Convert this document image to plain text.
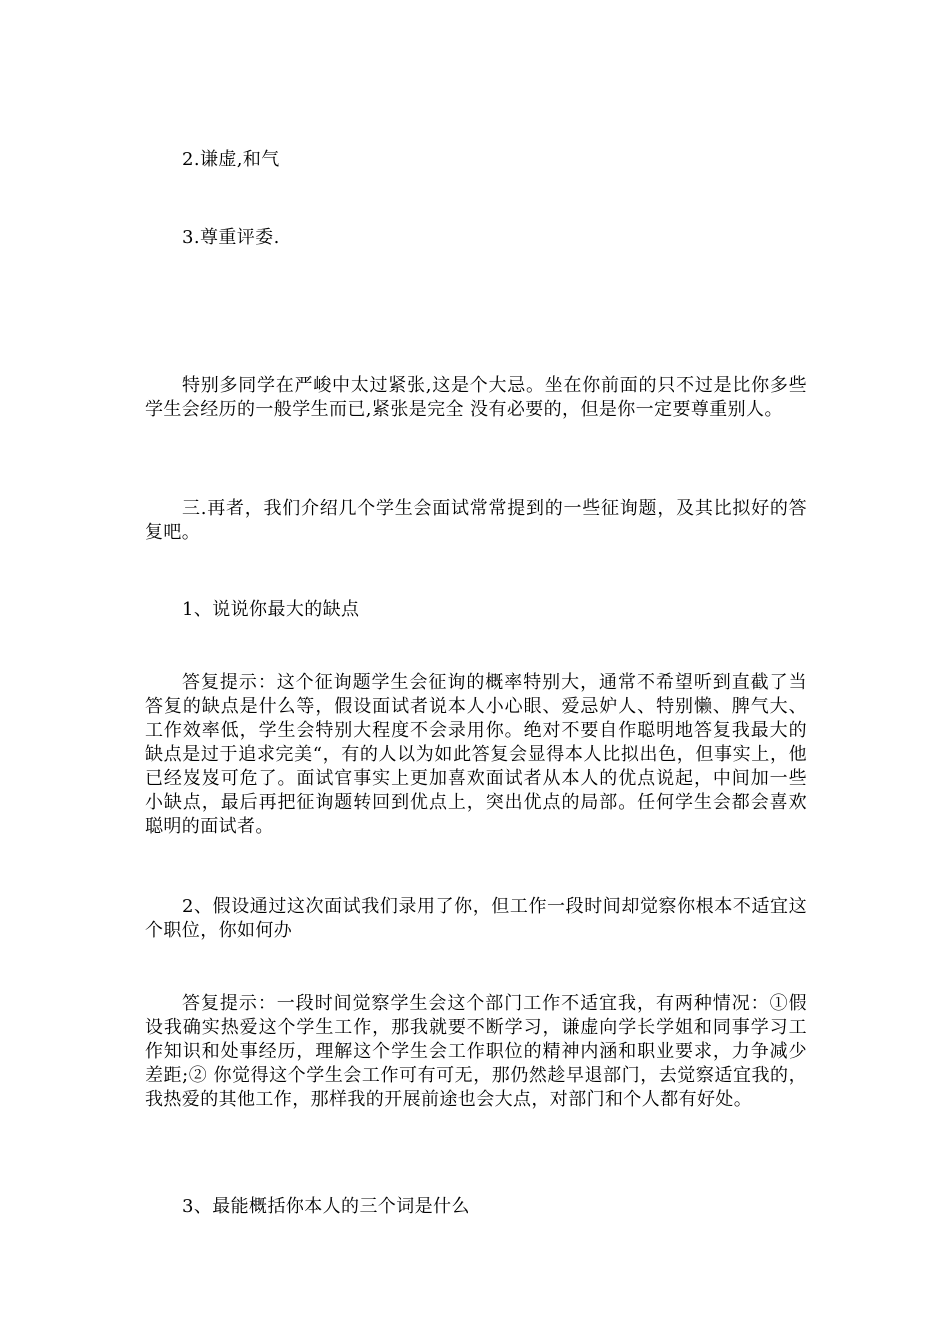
2.谦虚,和气

3.尊重评委.

特别多同学在严峻中太过紧张,这是个大忌。坐在你前面的只不过是比你多些学生会经历的一般学生而已,紧张是完全 没有必要的，但是你一定要尊重别人。

三.再者，我们介绍几个学生会面试常常提到的一些征询题，及其比拟好的答复吧。

1、说说你最大的缺点

答复提示：这个征询题学生会征询的概率特别大，通常不希望听到直截了当答复的缺点是什么等，假设面试者说本人小心眼、爱忌妒人、特别懒、脾气大、工作效率低，学生会特别大程度不会录用你。绝对不要自作聪明地答复我最大的缺点是过于追求完美“，有的人以为如此答复会显得本人比拟出色，但事实上，他已经岌岌可危了。面试官事实上更加喜欢面试者从本人的优点说起，中间加一些小缺点，最后再把征询题转回到优点上，突出优点的局部。任何学生会都会喜欢聪明的面试者。

2、假设通过这次面试我们录用了你，但工作一段时间却觉察你根本不适宜这个职位，你如何办

答复提示：一段时间觉察学生会这个部门工作不适宜我，有两种情况：①假设我确实热爱这个学生工作，那我就要不断学习，谦虚向学长学姐和同事学习工作知识和处事经历，理解这个学生会工作职位的精神内涵和职业要求，力争减少差距;② 你觉得这个学生会工作可有可无，那仍然趁早退部门，去觉察适宜我的，我热爱的其他工作，那样我的开展前途也会大点，对部门和个人都有好处。

3、最能概括你本人的三个词是什么
